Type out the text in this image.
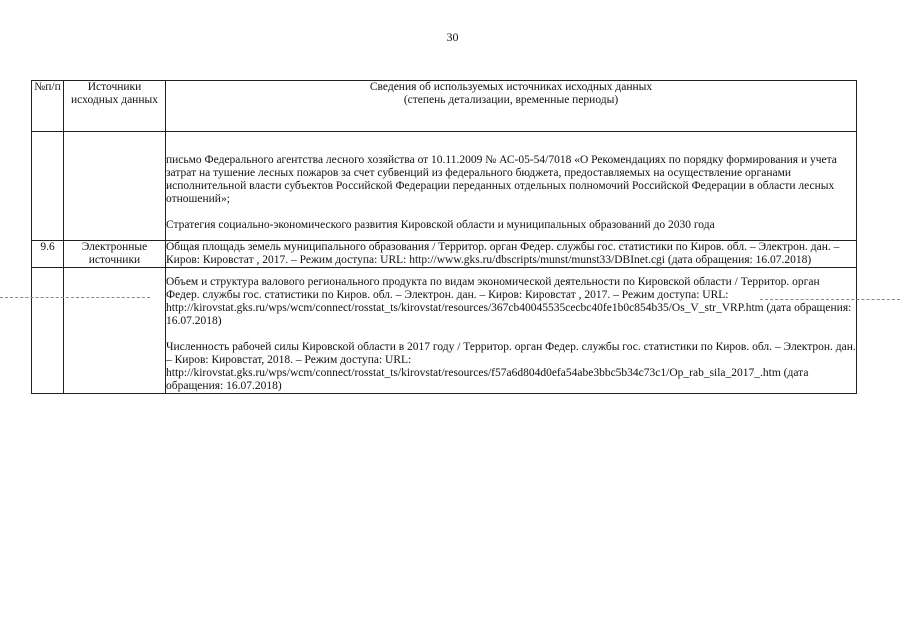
30
№п/п	Источники исходных данных	Сведения об используемых источниках исходных данных
(степень детализации, временные периоды)

		письмо Федерального агентства лесного хозяйства от 10.11.2009 № АС-05-54/7018 «О Рекомендациях по порядку формирования и учета затрат на тушение лесных пожаров за счет субвенций из федерального бюджета, предоставляемых на осуществление органами исполнительной власти субъектов Российской Федерации переданных отдельных полномочий Российской Федерации в области лесных отношений»;

Стратегия социально-экономического развития Кировской области и муниципальных образований до 2030 года

9.6	Электронные источники	Общая площадь земель муниципального образования / Территор. орган Федер. службы гос. статистики по Киров. обл. – Электрон. дан. – Киров: Кировстат , 2017. – Режим доступа: URL: http://www.gks.ru/dbscripts/munst/munst33/DBInet.cgi (дата обращения: 16.07.2018)

		Объем и структура валового регионального продукта по видам экономической деятельности по Кировской области / Территор. орган Федер. службы гос. статистики по Киров. обл. – Электрон. дан. – Киров: Кировстат , 2017. – Режим доступа: URL: http://kirovstat.gks.ru/wps/wcm/connect/rosstat_ts/kirovstat/resources/367cb40045535cecbc40fe1b0c854b35/Os_V_str_VRP.htm (дата обращения: 16.07.2018)

Численность рабочей силы Кировской области в 2017 году / Территор. орган Федер. службы гос. статистики по Киров. обл. – Электрон. дан. – Киров: Кировстат, 2018. – Режим доступа: URL: http://kirovstat.gks.ru/wps/wcm/connect/rosstat_ts/kirovstat/resources/f57a6d804d0efa54abe3bbc5b34c73c1/Op_rab_sila_2017_.htm (дата обращения: 16.07.2018)
